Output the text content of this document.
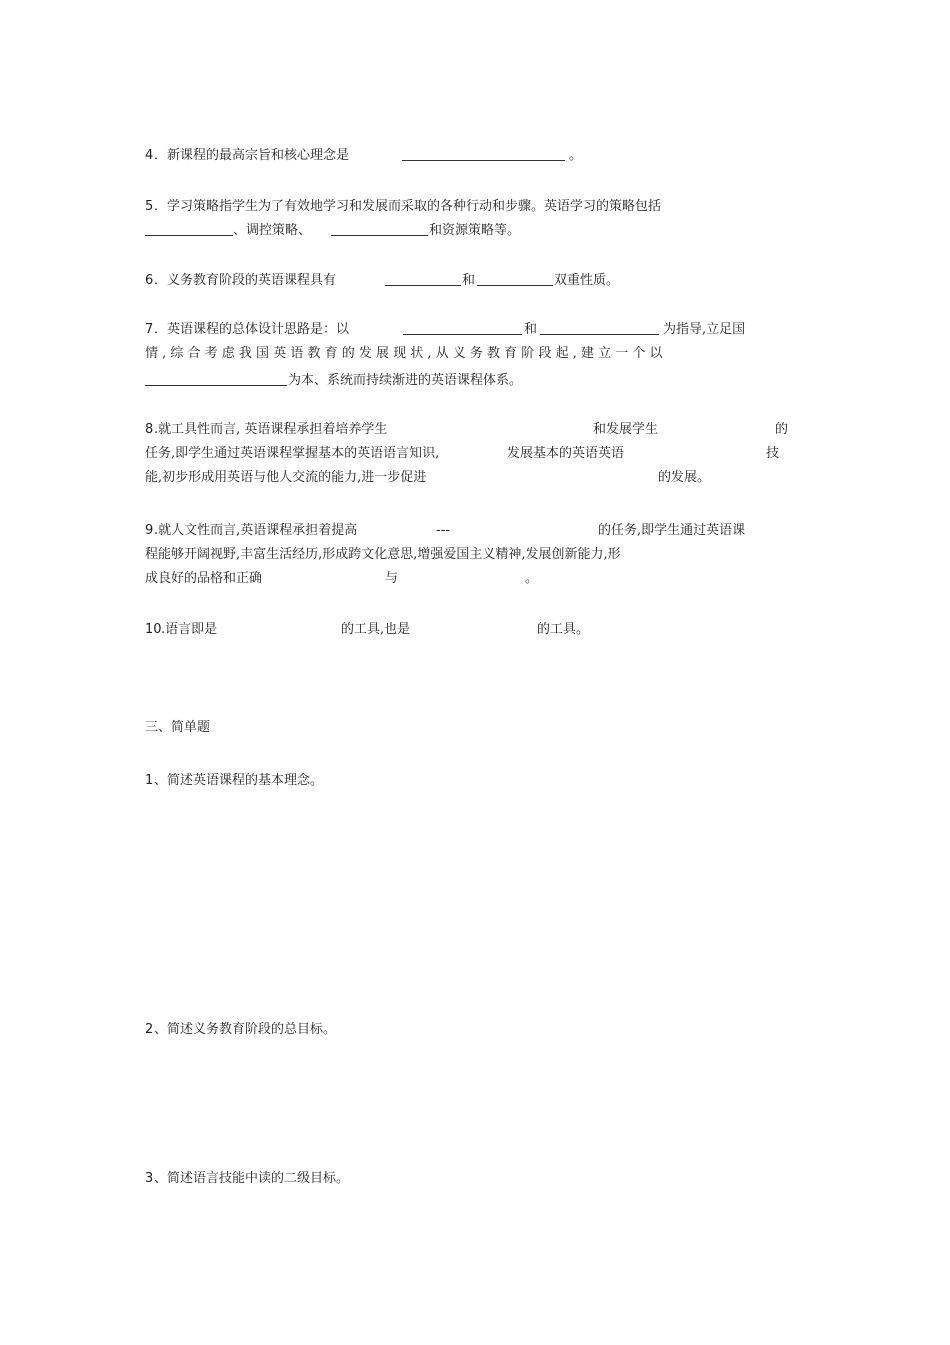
4 ．新课程的最高宗旨和核心理念是	。
5 ．学习策略指学生为了有效地学习和发展而采取的各种行动和步骤。英语学习的策略包括
、调控策略、	和资源策略等。
6 ．义务教育阶段的英语课程具有	和	双重性质。
7 ．英语课程的总体设计思路是：以	和	为指导,立足国
情 , 综 合 考 虑 我 国 英 语 教 育 的 发 展 现 状 , 从 义 务 教 育 阶 段 起 , 建 立 一 个 以
为本、系统而持续渐进的英语课程体系。
8 .就工具性而言, 英语课程承担着培养学生	和发展学生	的
任务,即学生通过英语课程掌握基本的英语语言知识,	发展基本的英语英语	技
能,初步形成用英语与他人交流的能力,进一步促进	的发展。
9 .就人文性而言,英语课程承担着提高	---	的任务,即学生通过英语课
程能够开阔视野,丰富生活经历,形成跨文化意思,增强爱国主义精神,发展创新能力,形
成良好的品格和正确	与	。
10 .语言即是	的工具,也是	的工具。
三、简单题
1 、简述英语课程的基本理念。
2 、简述义务教育阶段的总目标。
3 、简述语言技能中读的二级目标。
